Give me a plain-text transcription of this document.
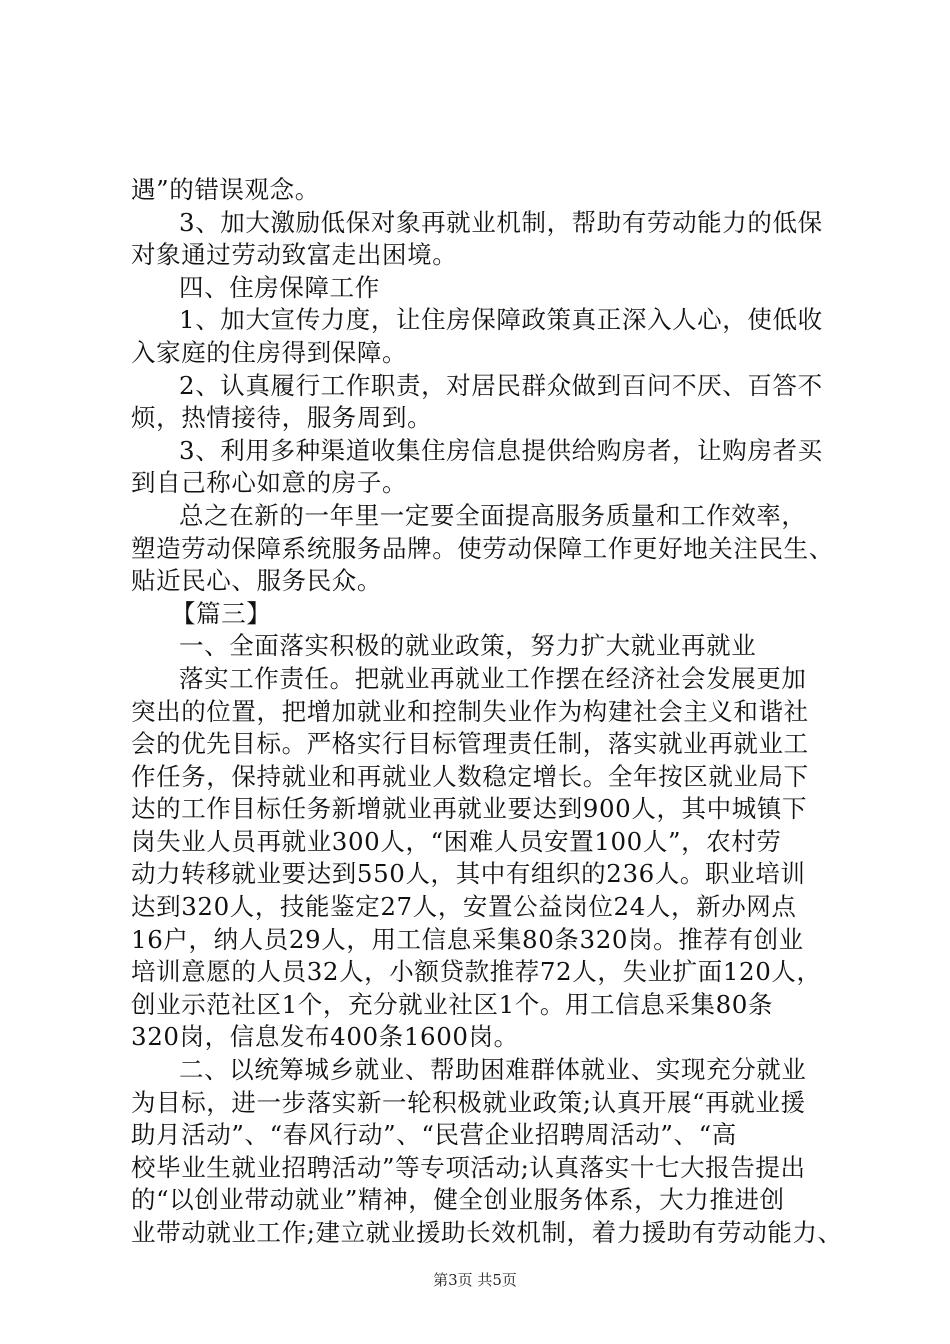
遇”的错误观念。

3、加大激励低保对象再就业机制，帮助有劳动能力的低保

对象通过劳动致富走出困境。

四、住房保障工作

1、加大宣传力度，让住房保障政策真正深入人心，使低收

入家庭的住房得到保障。

2、认真履行工作职责，对居民群众做到百问不厌、百答不

烦，热情接待，服务周到。

3、利用多种渠道收集住房信息提供给购房者，让购房者买

到自己称心如意的房子。

总之在新的一年里一定要全面提高服务质量和工作效率，

塑造劳动保障系统服务品牌。使劳动保障工作更好地关注民生、

贴近民心、服务民众。

【篇三】

一、全面落实积极的就业政策，努力扩大就业再就业

落实工作责任。把就业再就业工作摆在经济社会发展更加

突出的位置，把增加就业和控制失业作为构建社会主义和谐社

会的优先目标。严格实行目标管理责任制，落实就业再就业工

作任务，保持就业和再就业人数稳定增长。全年按区就业局下

达的工作目标任务新增就业再就业要达到900人，其中城镇下

岗失业人员再就业300人，“困难人员安置100人”，农村劳

动力转移就业要达到550人，其中有组织的236人。职业培训

达到320人，技能鉴定27人，安置公益岗位24人，新办网点

16户，纳人员29人，用工信息采集80条320岗。推荐有创业

培训意愿的人员32人，小额贷款推荐72人，失业扩面120人，

创业示范社区1个，充分就业社区1个。用工信息采集80条

320岗，信息发布400条1600岗。

二、以统筹城乡就业、帮助困难群体就业、实现充分就业

为目标，进一步落实新一轮积极就业政策;认真开展“再就业援

助月活动”、“春风行动”、“民营企业招聘周活动”、“高

校毕业生就业招聘活动”等专项活动;认真落实十七大报告提出

的“以创业带动就业”精神，健全创业服务体系，大力推进创

业带动就业工作;建立就业援助长效机制，着力援助有劳动能力、

第3页 共5页
